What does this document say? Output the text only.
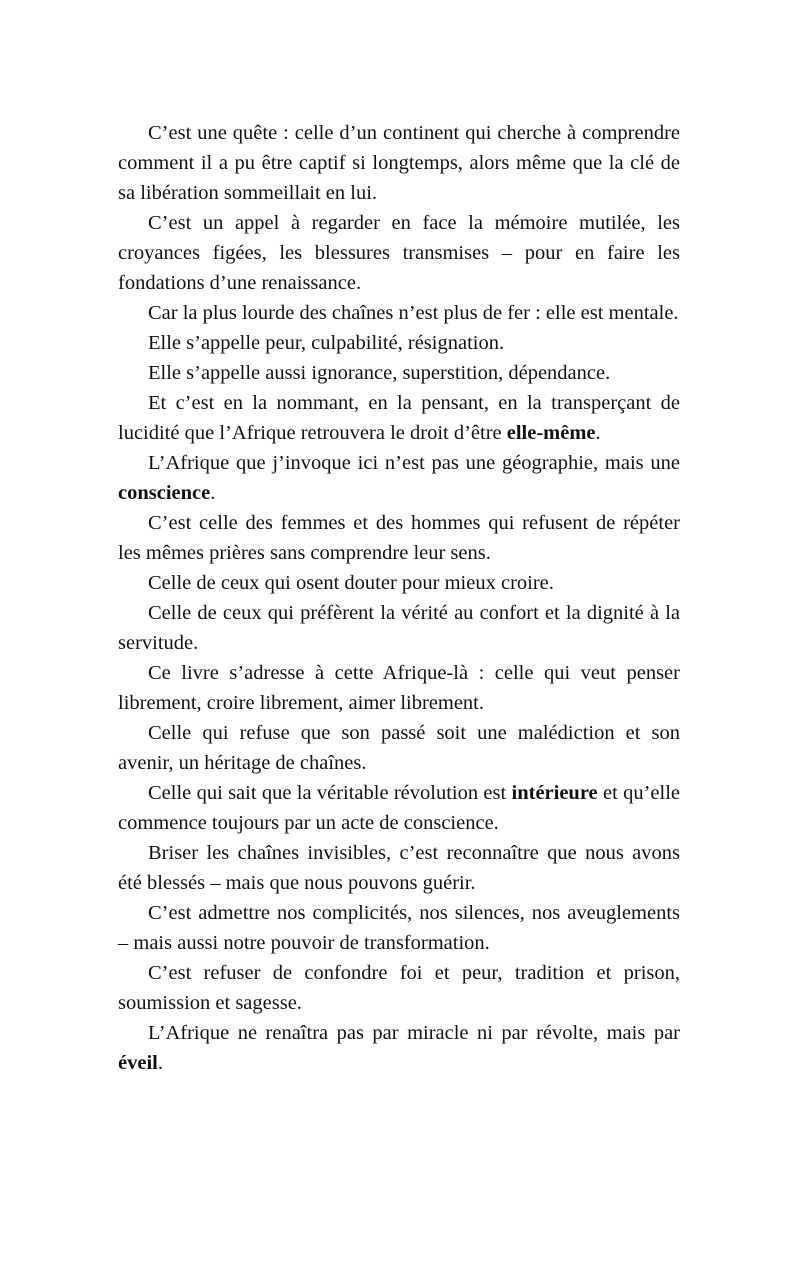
C’est une quête : celle d’un continent qui cherche à comprendre comment il a pu être captif si longtemps, alors même que la clé de sa libération sommeillait en lui.

C’est un appel à regarder en face la mémoire mutilée, les croyances figées, les blessures transmises – pour en faire les fondations d’une renaissance.

Car la plus lourde des chaînes n’est plus de fer : elle est mentale.

Elle s’appelle peur, culpabilité, résignation.

Elle s’appelle aussi ignorance, superstition, dépendance.

Et c’est en la nommant, en la pensant, en la transperçant de lucidité que l’Afrique retrouvera le droit d’être elle-même.

L’Afrique que j’invoque ici n’est pas une géographie, mais une conscience.

C’est celle des femmes et des hommes qui refusent de répéter les mêmes prières sans comprendre leur sens.

Celle de ceux qui osent douter pour mieux croire.

Celle de ceux qui préfèrent la vérité au confort et la dignité à la servitude.

Ce livre s’adresse à cette Afrique-là : celle qui veut penser librement, croire librement, aimer librement.

Celle qui refuse que son passé soit une malédiction et son avenir, un héritage de chaînes.

Celle qui sait que la véritable révolution est intérieure et qu’elle commence toujours par un acte de conscience.

Briser les chaînes invisibles, c’est reconnaître que nous avons été blessés – mais que nous pouvons guérir.

C’est admettre nos complicités, nos silences, nos aveuglements – mais aussi notre pouvoir de transformation.

C’est refuser de confondre foi et peur, tradition et prison, soumission et sagesse.

L’Afrique ne renaîtra pas par miracle ni par révolte, mais par éveil.
